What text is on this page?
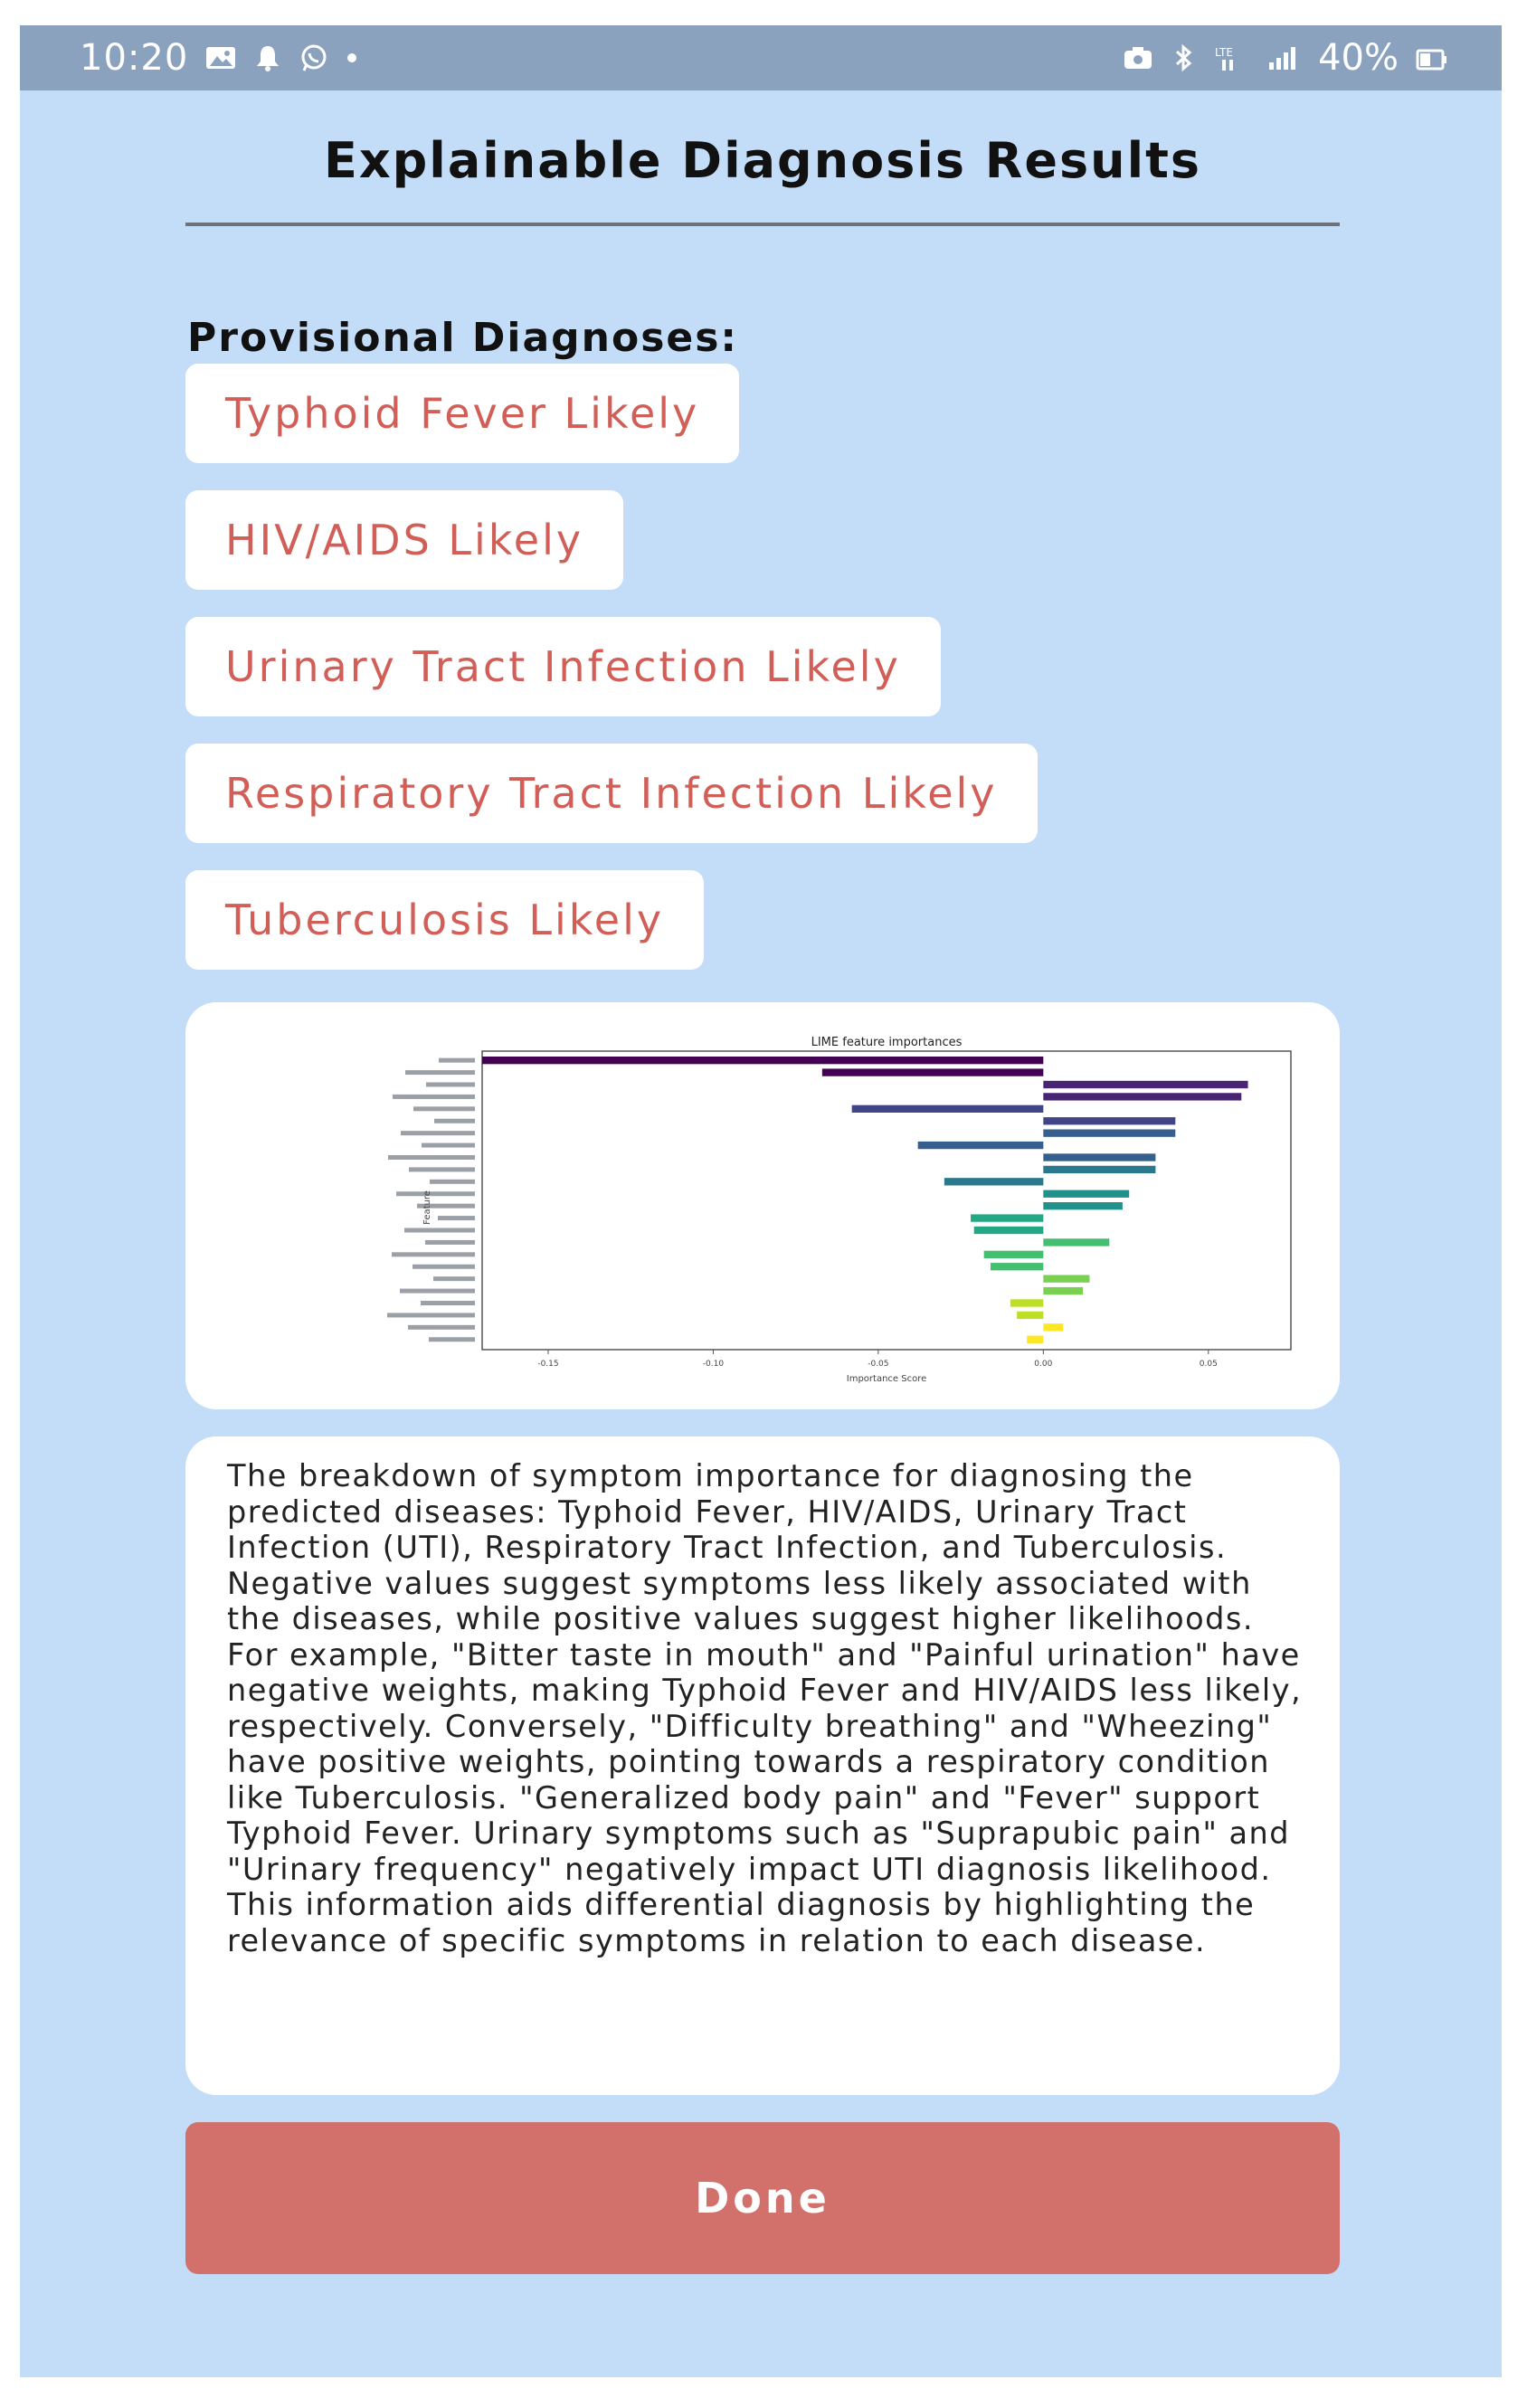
10:20	LTE 40%
Explainable Diagnosis Results
Provisional Diagnoses:
Typhoid Fever Likely
HIV/AIDS Likely
Urinary Tract Infection Likely
Respiratory Tract Infection Likely
Tuberculosis Likely
LIME feature importances
-0.15	-0.10	-0.05	0.00	0.05
Importance Score
Feature

The breakdown of symptom importance for diagnosing the predicted diseases: Typhoid Fever, HIV/AIDS, Urinary Tract Infection (UTI), Respiratory Tract Infection, and Tuberculosis. Negative values suggest symptoms less likely associated with the diseases, while positive values suggest higher likelihoods. For example, "Bitter taste in mouth" and "Painful urination" have negative weights, making Typhoid Fever and HIV/AIDS less likely, respectively. Conversely, "Difficulty breathing" and "Wheezing" have positive weights, pointing towards a respiratory condition like Tuberculosis. "Generalized body pain" and "Fever" support Typhoid Fever. Urinary symptoms such as "Suprapubic pain" and "Urinary frequency" negatively impact UTI diagnosis likelihood. This information aids differential diagnosis by highlighting the relevance of specific symptoms in relation to each disease.

Done
